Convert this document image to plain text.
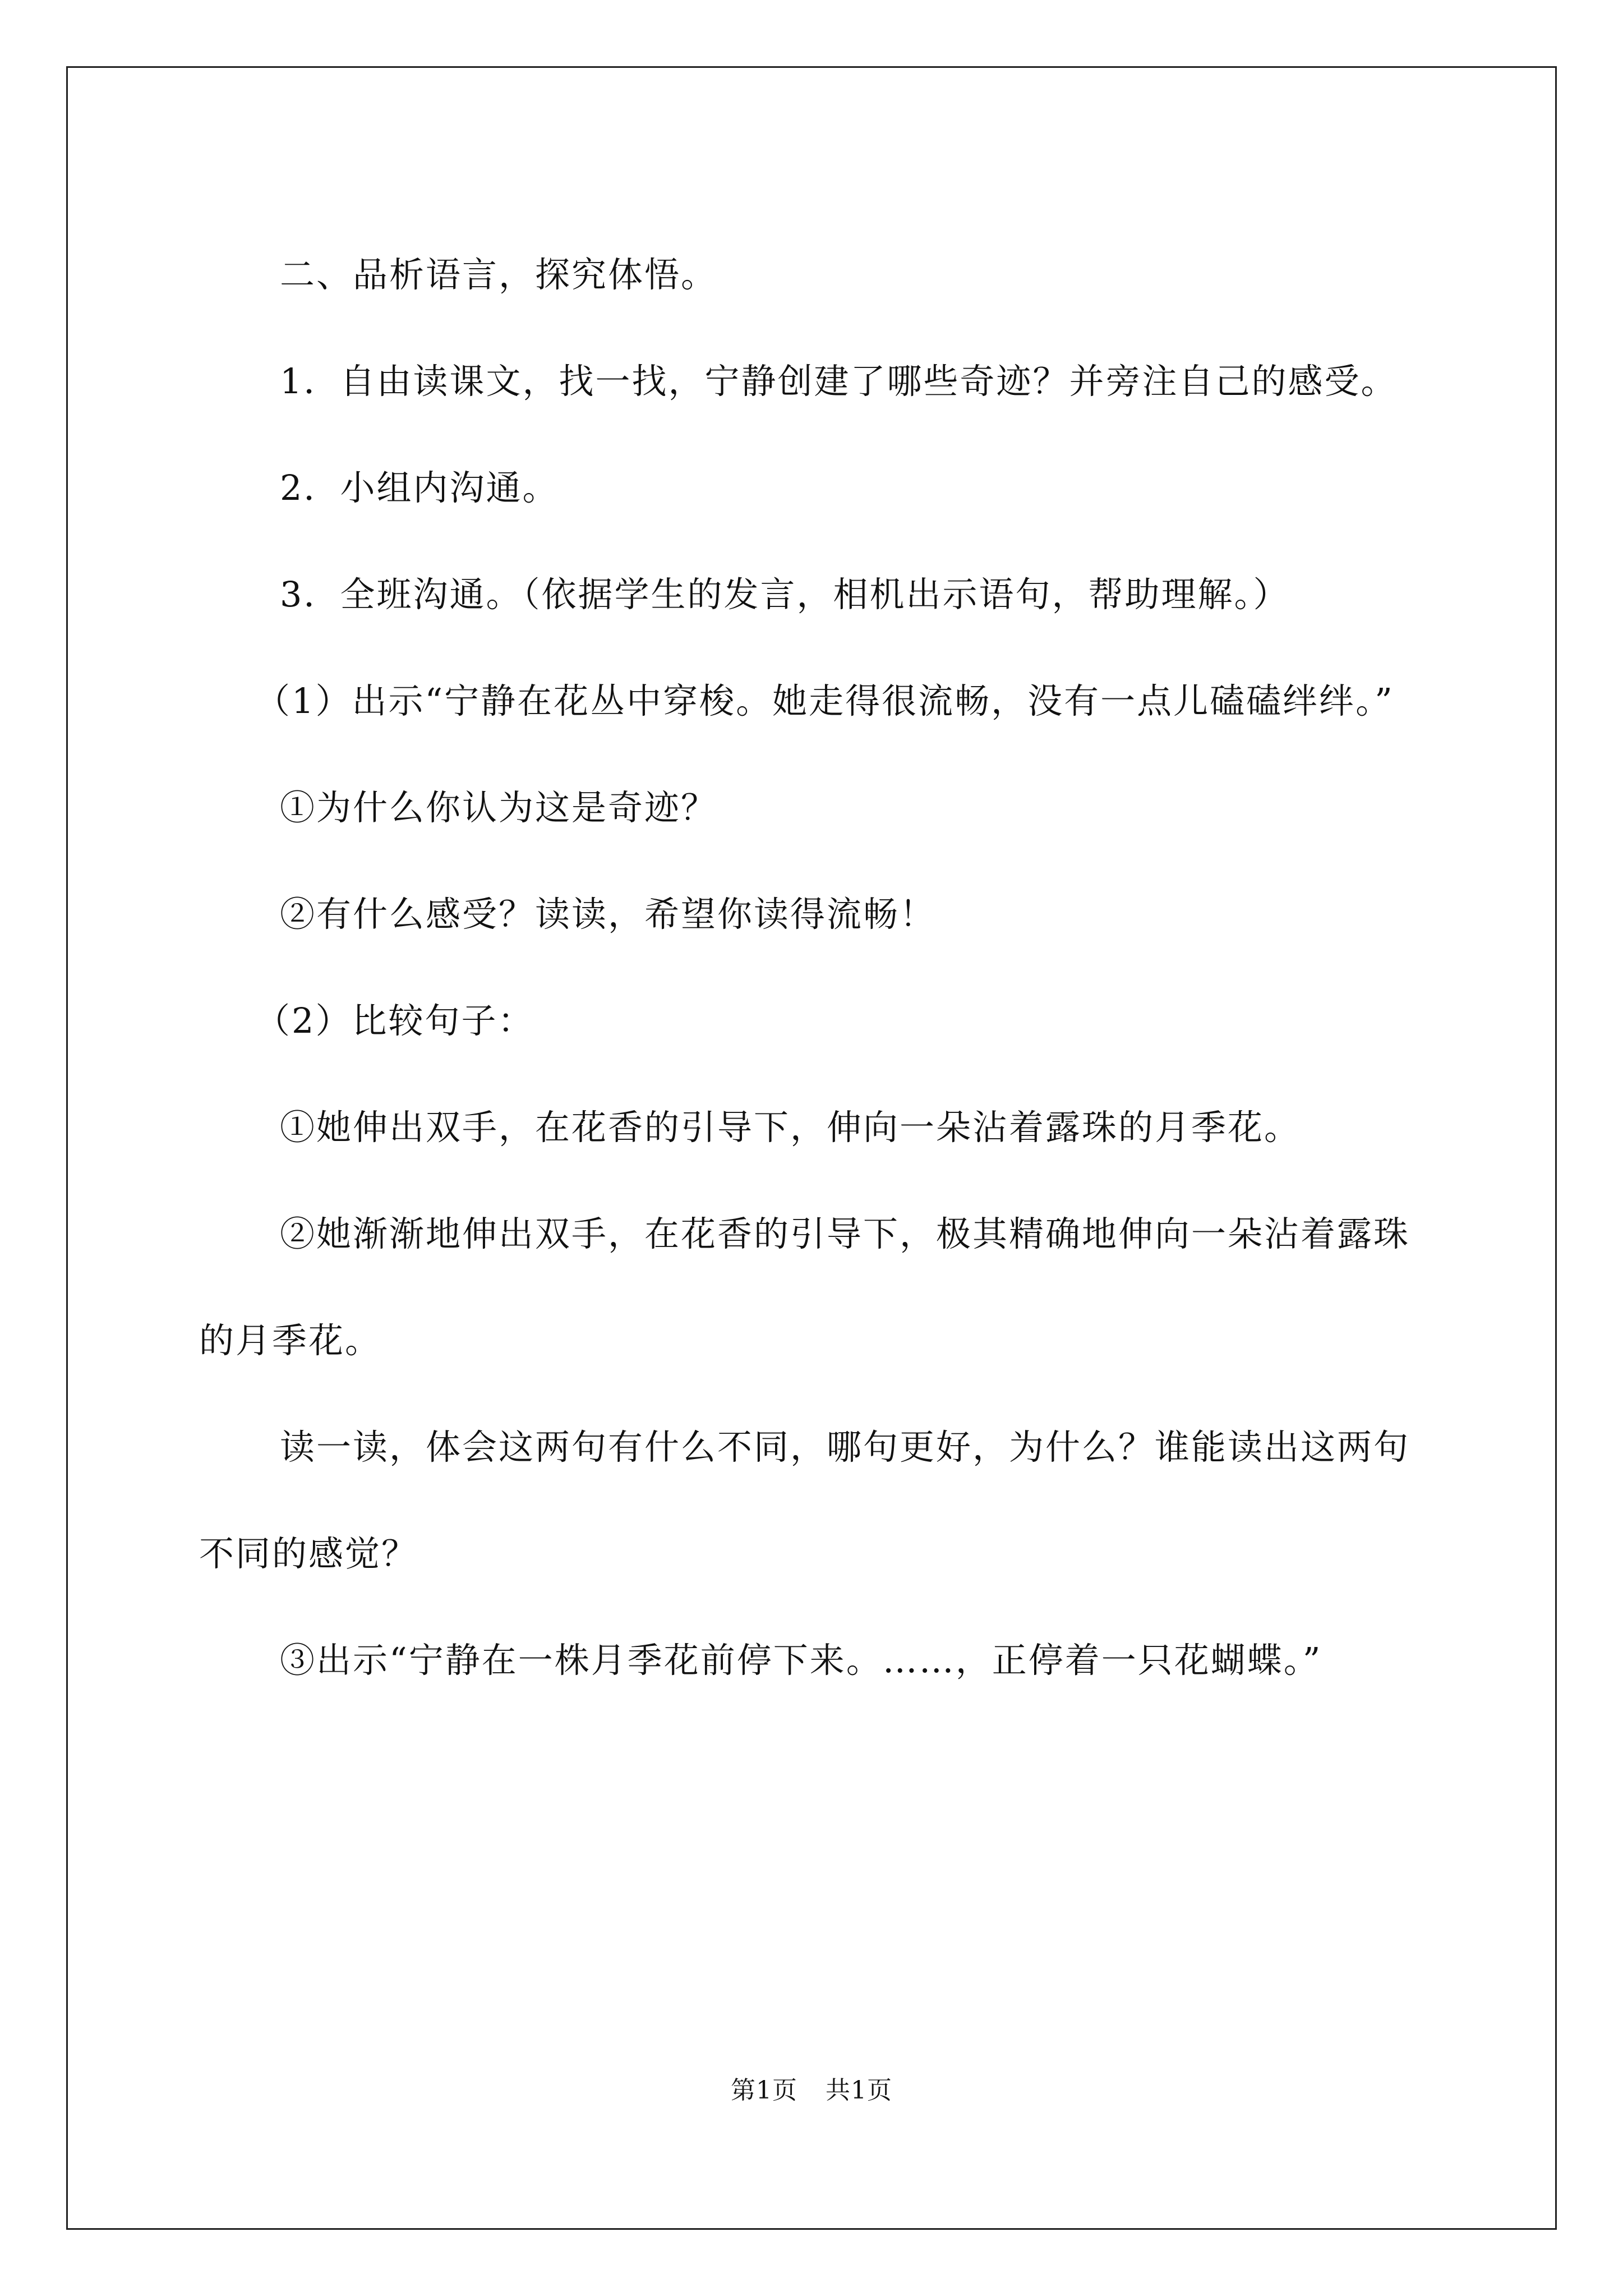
二、品析语言，探究体悟。

1．自由读课文，找一找，宁静创建了哪些奇迹？并旁注自己的感受。

2．小组内沟通。

3．全班沟通。（依据学生的发言，相机出示语句，帮助理解。）

（1）出示“宁静在花丛中穿梭。她走得很流畅，没有一点儿磕磕绊绊。”

①为什么你认为这是奇迹？

②有什么感受？读读，希望你读得流畅！

（2）比较句子：

①她伸出双手，在花香的引导下，伸向一朵沾着露珠的月季花。

②她渐渐地伸出双手，在花香的引导下，极其精确地伸向一朵沾着露珠的月季花。

读一读，体会这两句有什么不同，哪句更好，为什么？谁能读出这两句不同的感觉？

③出示“宁静在一株月季花前停下来。……，正停着一只花蝴蝶。”

第1页 共1页
